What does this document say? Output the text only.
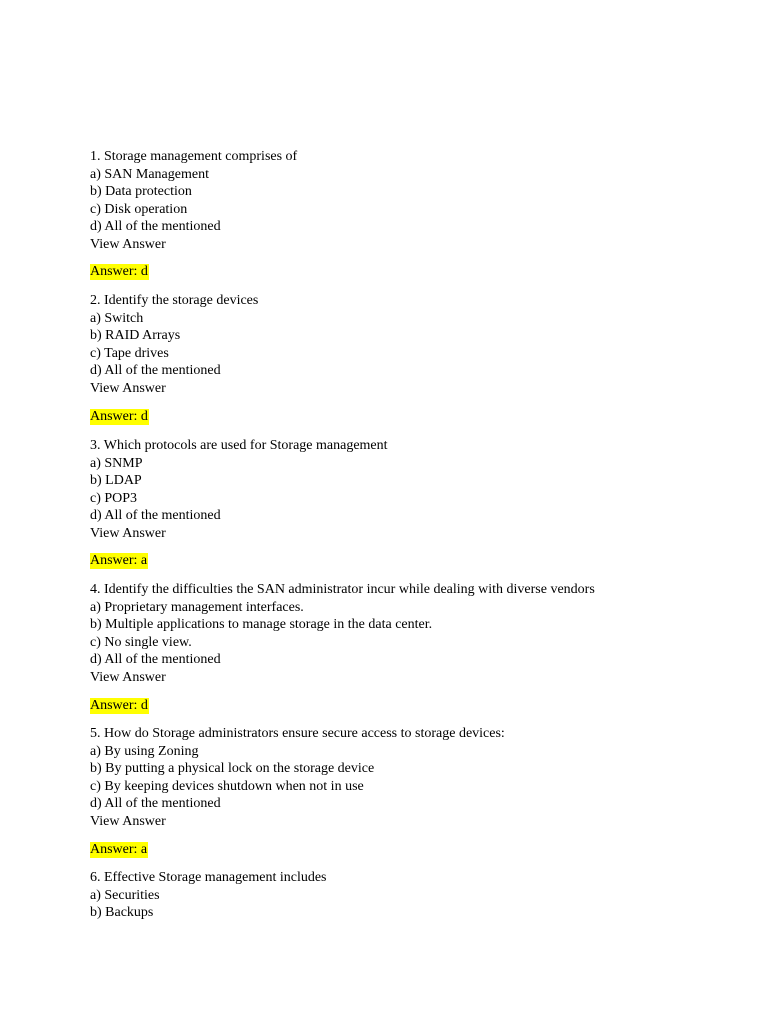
1. Storage management comprises of
a) SAN Management
b) Data protection
c) Disk operation
d) All of the mentioned
View Answer
Answer: d
2. Identify the storage devices
a) Switch
b) RAID Arrays
c) Tape drives
d) All of the mentioned
View Answer
Answer: d
3. Which protocols are used for Storage management
a) SNMP
b) LDAP
c) POP3
d) All of the mentioned
View Answer
Answer: a
4. Identify the difficulties the SAN administrator incur while dealing with diverse vendors
a) Proprietary management interfaces.
b) Multiple applications to manage storage in the data center.
c) No single view.
d) All of the mentioned
View Answer
Answer: d
5. How do Storage administrators ensure secure access to storage devices:
a) By using Zoning
b) By putting a physical lock on the storage device
c) By keeping devices shutdown when not in use
d) All of the mentioned
View Answer
Answer: a
6. Effective Storage management includes
a) Securities
b) Backups
